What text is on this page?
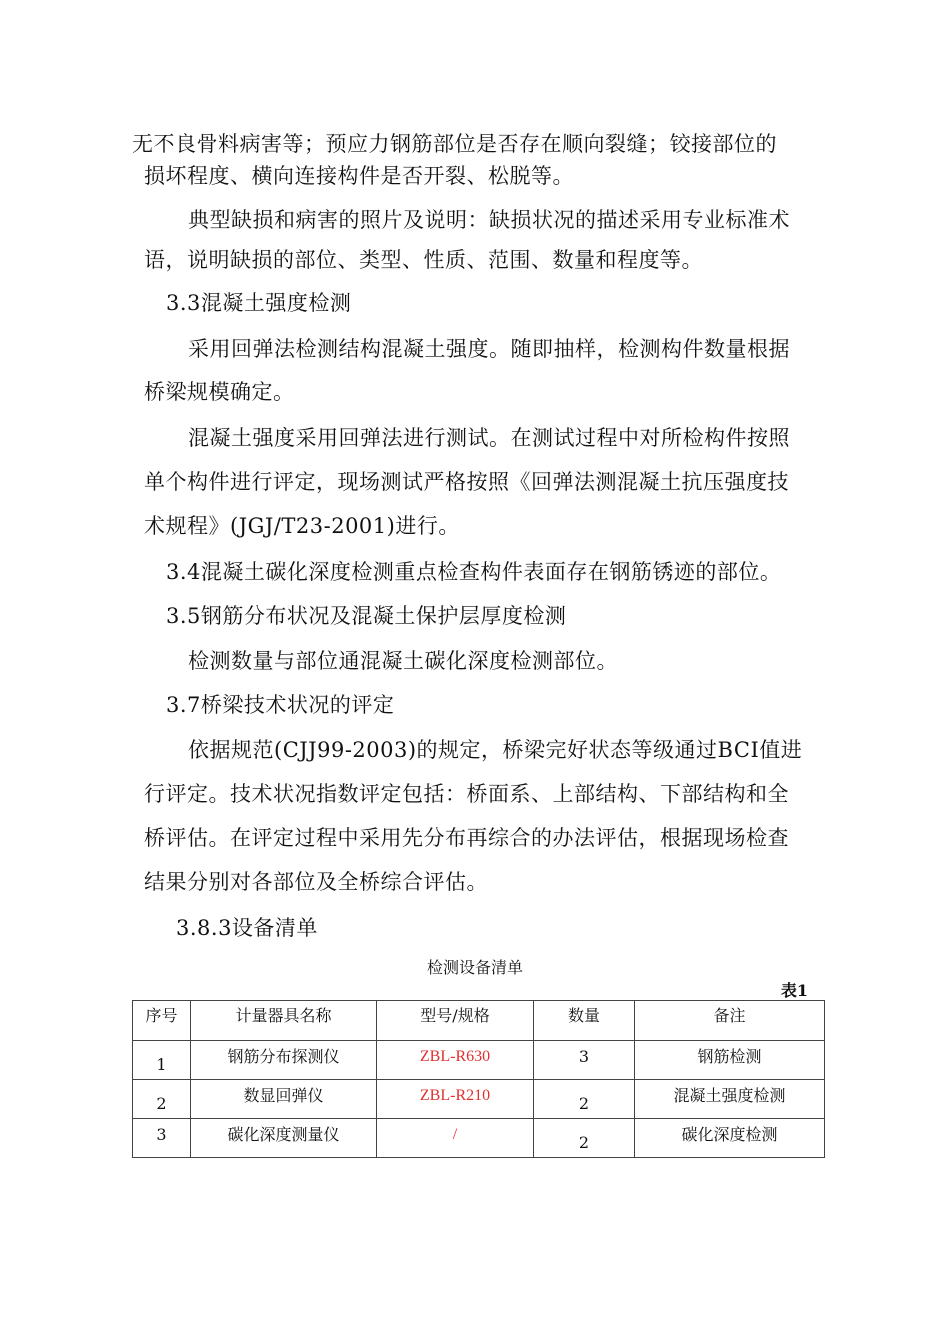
无不良骨料病害等；预应力钢筋部位是否存在顺向裂缝；铰接部位的
损坏程度、横向连接构件是否开裂、松脱等。
典型缺损和病害的照片及说明：缺损状况的描述采用专业标准术
语，说明缺损的部位、类型、性质、范围、数量和程度等。
3.3混凝土强度检测
采用回弹法检测结构混凝土强度。随即抽样，检测构件数量根据
桥梁规模确定。
混凝土强度采用回弹法进行测试。在测试过程中对所检构件按照
单个构件进行评定，现场测试严格按照《回弹法测混凝土抗压强度技
术规程》(JGJ/T23-2001)进行。
3.4混凝土碳化深度检测重点检查构件表面存在钢筋锈迹的部位。
3.5钢筋分布状况及混凝土保护层厚度检测
检测数量与部位通混凝土碳化深度检测部位。
3.7桥梁技术状况的评定
依据规范(CJJ99-2003)的规定，桥梁完好状态等级通过BCI值进
行评定。技术状况指数评定包括：桥面系、上部结构、下部结构和全
桥评估。在评定过程中采用先分布再综合的办法评估，根据现场检查
结果分别对各部位及全桥综合评估。
3.8.3设备清单
检测设备清单
表1
序号	计量器具名称	型号/规格	数量	备注

1	钢筋分布探测仪	ZBL-R630	3	钢筋检测

2	数显回弹仪	ZBL-R210	2	混凝土强度检测

3	碳化深度测量仪	/	2	碳化深度检测
